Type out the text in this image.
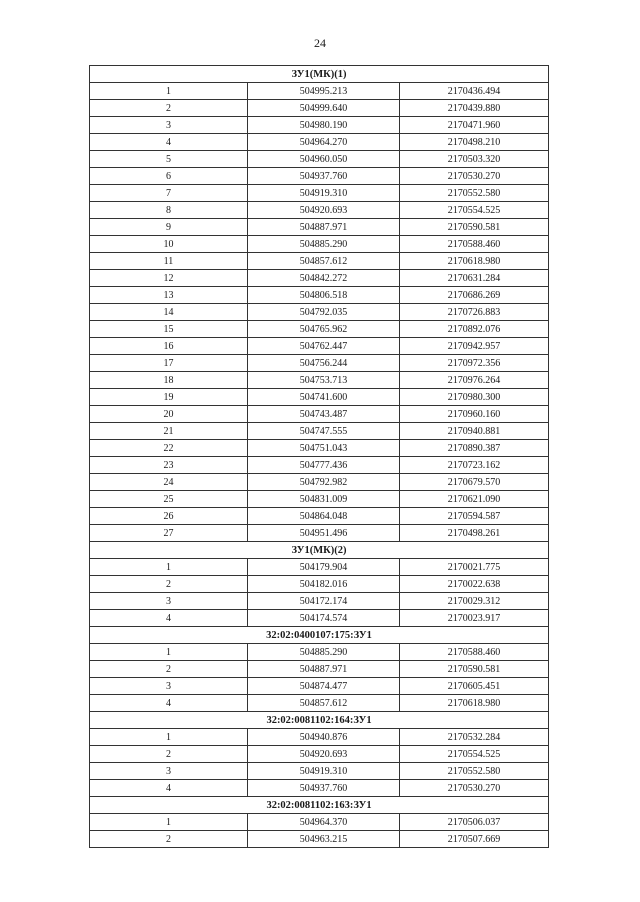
24
ЗУ1(МК)(1)		
1	504995.213	2170436.494
2	504999.640	2170439.880
3	504980.190	2170471.960
4	504964.270	2170498.210
5	504960.050	2170503.320
6	504937.760	2170530.270
7	504919.310	2170552.580
8	504920.693	2170554.525
9	504887.971	2170590.581
10	504885.290	2170588.460
11	504857.612	2170618.980
12	504842.272	2170631.284
13	504806.518	2170686.269
14	504792.035	2170726.883
15	504765.962	2170892.076
16	504762.447	2170942.957
17	504756.244	2170972.356
18	504753.713	2170976.264
19	504741.600	2170980.300
20	504743.487	2170960.160
21	504747.555	2170940.881
22	504751.043	2170890.387
23	504777.436	2170723.162
24	504792.982	2170679.570
25	504831.009	2170621.090
26	504864.048	2170594.587
27	504951.496	2170498.261
ЗУ1(МК)(2)		
1	504179.904	2170021.775
2	504182.016	2170022.638
3	504172.174	2170029.312
4	504174.574	2170023.917
32:02:0400107:175:ЗУ1		
1	504885.290	2170588.460
2	504887.971	2170590.581
3	504874.477	2170605.451
4	504857.612	2170618.980
32:02:0081102:164:ЗУ1		
1	504940.876	2170532.284
2	504920.693	2170554.525
3	504919.310	2170552.580
4	504937.760	2170530.270
32:02:0081102:163:ЗУ1		
1	504964.370	2170506.037
2	504963.215	2170507.669
